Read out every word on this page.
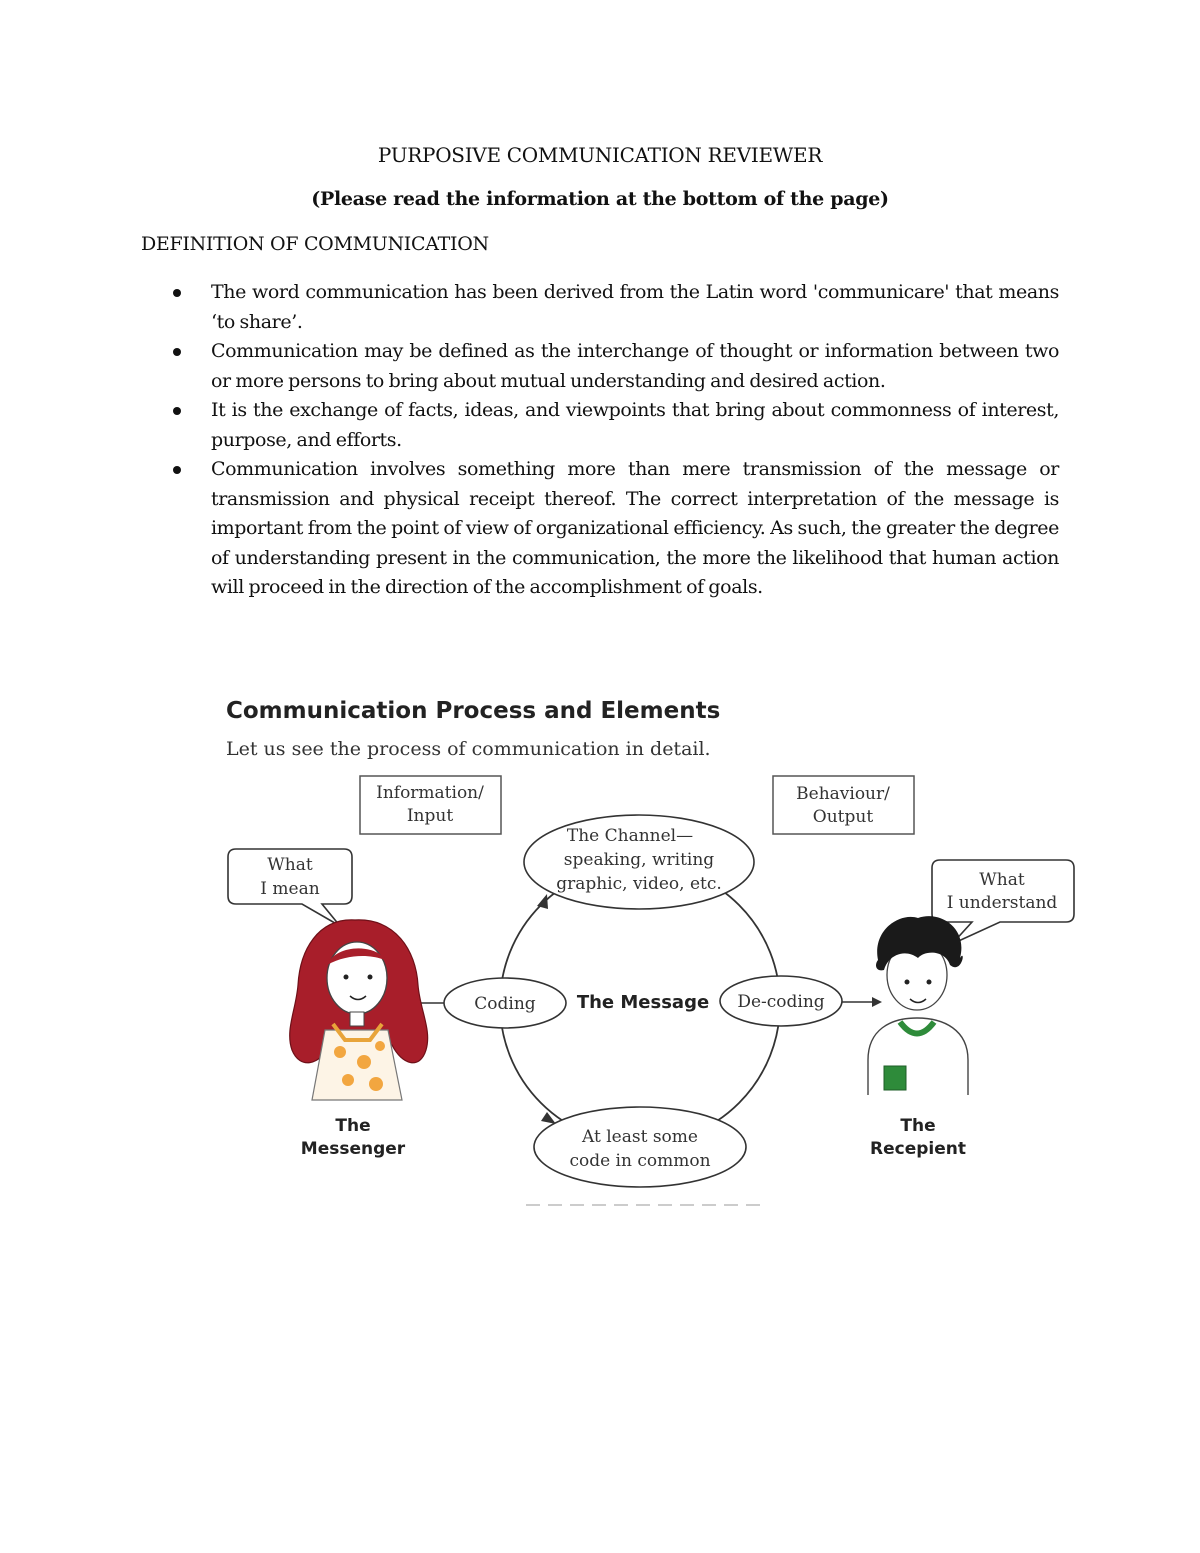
PURPOSIVE COMMUNICATION REVIEWER
(Please read the information at the bottom of the page)
DEFINITION OF COMMUNICATION
The word communication has been derived from the Latin word 'communicare' that means ‘to share’.
Communication may be defined as the interchange of thought or information between two or more persons to bring about mutual understanding and desired action.
It is the exchange of facts, ideas, and viewpoints that bring about commonness of interest, purpose, and efforts.
Communication involves something more than mere transmission of the message or transmission and physical receipt thereof. The correct interpretation of the message is important from the point of view of organizational efficiency. As such, the greater the degree of understanding present in the communication, the more the likelihood that human action will proceed in the direction of the accomplishment of goals.
Communication Process and Elements
Let us see the process of communication in detail.
Information/
Input
Behaviour/
Output
The Channel—
speaking, writing
graphic, video, etc.
At least some
code in common
Coding The Message De-coding
What
I mean	What
I understand
The
Messenger
The
Recepient
